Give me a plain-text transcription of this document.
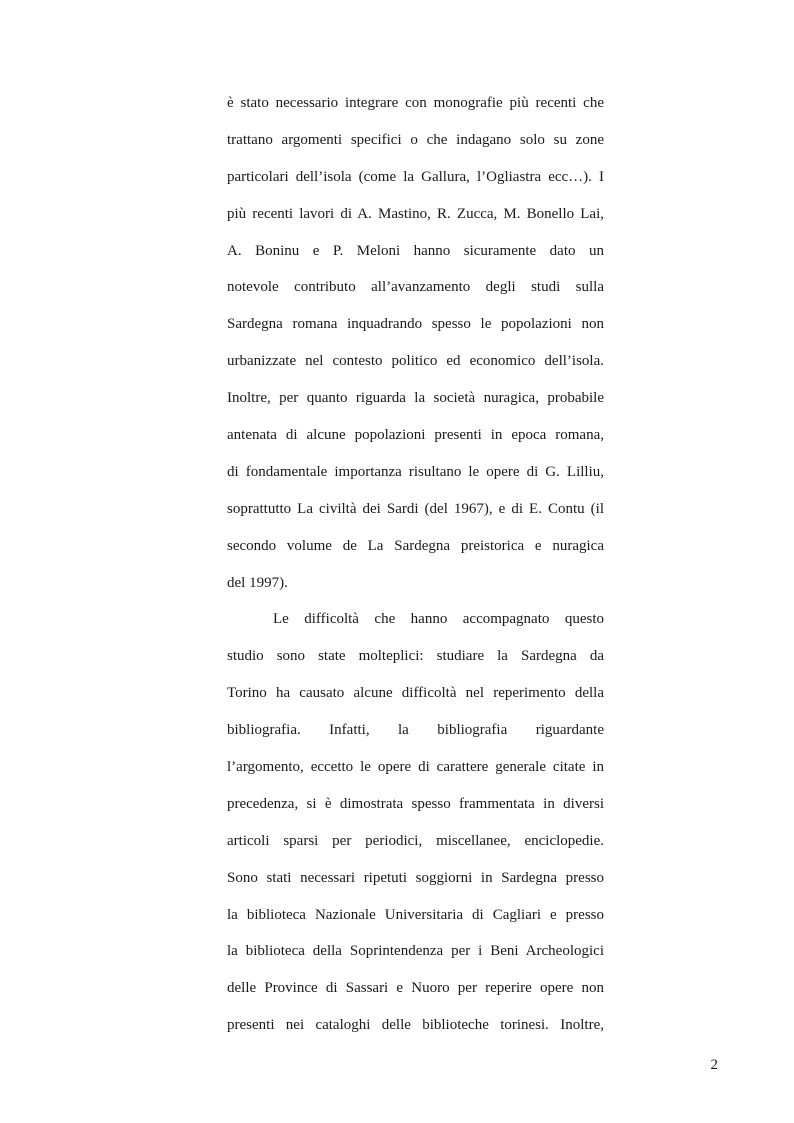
è stato necessario integrare con monografie più recenti che
trattano argomenti specifici o che indagano solo su zone
particolari dell’isola (come la Gallura, l’Ogliastra ecc…). I
più recenti lavori di A. Mastino, R. Zucca, M. Bonello Lai,
A. Boninu e P. Meloni hanno sicuramente dato un
notevole contributo all’avanzamento degli studi sulla
Sardegna romana inquadrando spesso le popolazioni non
urbanizzate nel contesto politico ed economico dell’isola.
Inoltre, per quanto riguarda la società nuragica, probabile
antenata di alcune popolazioni presenti in epoca romana,
di fondamentale importanza risultano le opere di G. Lilliu,
soprattutto La civiltà dei Sardi (del 1967), e di E. Contu (il
secondo volume de La Sardegna preistorica e nuragica
del 1997).
Le difficoltà che hanno accompagnato questo
studio sono state molteplici: studiare la Sardegna da
Torino ha causato alcune difficoltà nel reperimento della
bibliografia. Infatti, la bibliografia riguardante
l’argomento, eccetto le opere di carattere generale citate in
precedenza, si è dimostrata spesso frammentata in diversi
articoli sparsi per periodici, miscellanee, enciclopedie.
Sono stati necessari ripetuti soggiorni in Sardegna presso
la biblioteca Nazionale Universitaria di Cagliari e presso
la biblioteca della Soprintendenza per i Beni Archeologici
delle Province di Sassari e Nuoro per reperire opere non
presenti nei cataloghi delle biblioteche torinesi. Inoltre,
2
